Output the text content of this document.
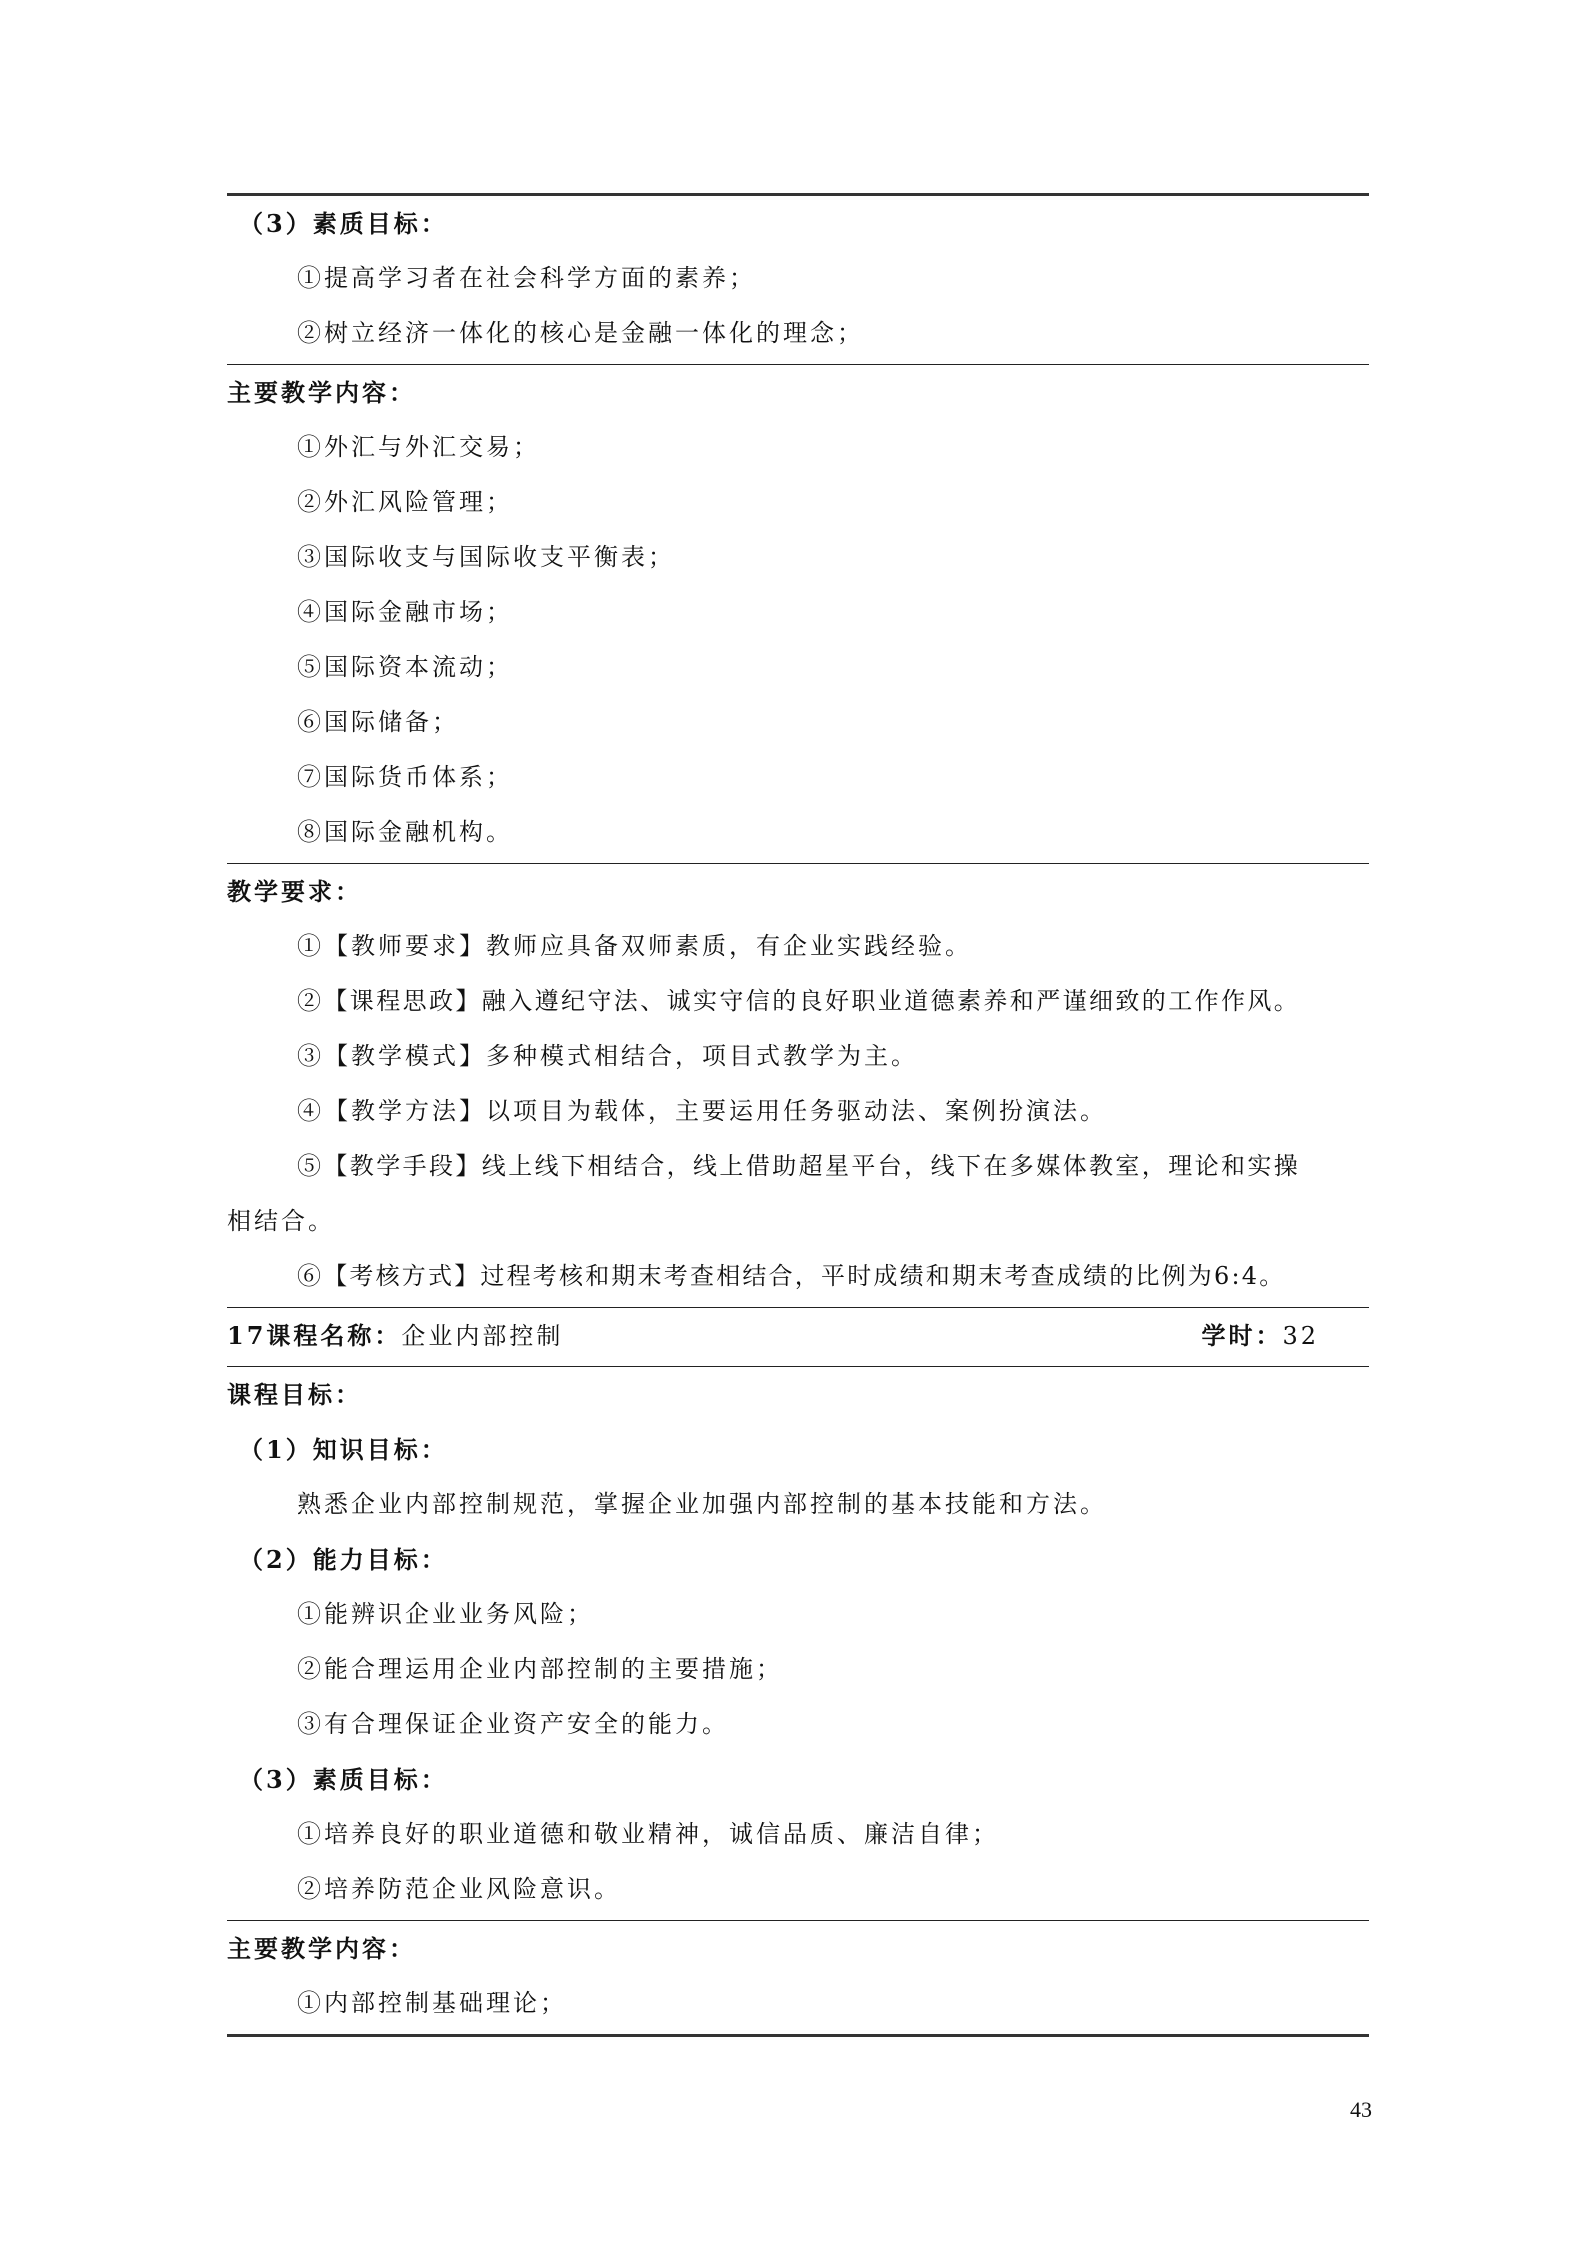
（3）素质目标：
①提高学习者在社会科学方面的素养；
②树立经济一体化的核心是金融一体化的理念；
主要教学内容：
①外汇与外汇交易；
②外汇风险管理；
③国际收支与国际收支平衡表；
④国际金融市场；
⑤国际资本流动；
⑥国际储备；
⑦国际货币体系；
⑧国际金融机构。
教学要求：
①【教师要求】教师应具备双师素质，有企业实践经验。
②【课程思政】融入遵纪守法、诚实守信的良好职业道德素养和严谨细致的工作作风。
③【教学模式】多种模式相结合，项目式教学为主。
④【教学方法】以项目为载体，主要运用任务驱动法、案例扮演法。
⑤【教学手段】线上线下相结合，线上借助超星平台，线下在多媒体教室，理论和实操
相结合。
⑥【考核方式】过程考核和期末考查相结合，平时成绩和期末考查成绩的比例为6:4。
17课程名称：企业内部控制	学时：32
课程目标：
（1）知识目标：
熟悉企业内部控制规范，掌握企业加强内部控制的基本技能和方法。
（2）能力目标：
①能辨识企业业务风险；
②能合理运用企业内部控制的主要措施；
③有合理保证企业资产安全的能力。
（3）素质目标：
①培养良好的职业道德和敬业精神，诚信品质、廉洁自律；
②培养防范企业风险意识。
主要教学内容：
①内部控制基础理论；
43
